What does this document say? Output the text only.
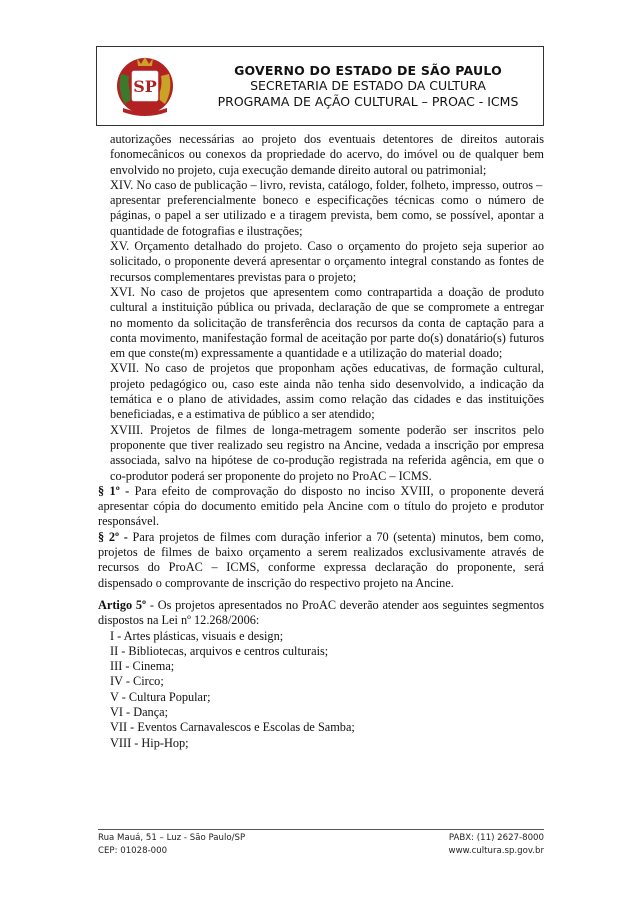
SP
GOVERNO DO ESTADO DE SÃO PAULO
SECRETARIA DE ESTADO DA CULTURA
PROGRAMA DE AÇÃO CULTURAL – PROAC - ICMS

autorizações necessárias ao projeto dos eventuais detentores de direitos autorais fonomecânicos ou conexos da propriedade do acervo, do imóvel ou de qualquer bem envolvido no projeto, cuja execução demande direito autoral ou patrimonial;

XIV. No caso de publicação – livro, revista, catálogo, folder, folheto, impresso, outros –

apresentar preferencialmente boneco e especificações técnicas como o número de páginas, o papel a ser utilizado e a tiragem prevista, bem como, se possível, apontar a quantidade de fotografias e ilustrações;

XV. Orçamento detalhado do projeto. Caso o orçamento do projeto seja superior ao solicitado, o proponente deverá apresentar o orçamento integral constando as fontes de recursos complementares previstas para o projeto;

XVI. No caso de projetos que apresentem como contrapartida a doação de produto cultural a instituição pública ou privada, declaração de que se compromete a entregar no momento da solicitação de transferência dos recursos da conta de captação para a conta movimento, manifestação formal de aceitação por parte do(s) donatário(s) futuros em que conste(m) expressamente a quantidade e a utilização do material doado;

XVII. No caso de projetos que proponham ações educativas, de formação cultural, projeto pedagógico ou, caso este ainda não tenha sido desenvolvido, a indicação da temática e o plano de atividades, assim como relação das cidades e das instituições beneficiadas, e a estimativa de público a ser atendido;

XVIII. Projetos de filmes de longa-metragem somente poderão ser inscritos pelo proponente que tiver realizado seu registro na Ancine, vedada a inscrição por empresa associada, salvo na hipótese de co-produção registrada na referida agência, em que o co-produtor poderá ser proponente do projeto no ProAC – ICMS.

§ 1º - Para efeito de comprovação do disposto no inciso XVIII, o proponente deverá apresentar cópia do documento emitido pela Ancine com o título do projeto e produtor responsável.

§ 2º - Para projetos de filmes com duração inferior a 70 (setenta) minutos, bem como, projetos de filmes de baixo orçamento a serem realizados exclusivamente através de recursos do ProAC – ICMS, conforme expressa declaração do proponente, será dispensado o comprovante de inscrição do respectivo projeto na Ancine.

Artigo 5º - Os projetos apresentados no ProAC deverão atender aos seguintes segmentos dispostos na Lei nº 12.268/2006:

I - Artes plásticas, visuais e design;
II - Bibliotecas, arquivos e centros culturais;
III - Cinema;
IV - Circo;
V - Cultura Popular;
VI - Dança;
VII - Eventos Carnavalescos e Escolas de Samba;
VIII - Hip-Hop;
Rua Mauá, 51 – Luz - São Paulo/SP
CEP: 01028-000
PABX: (11) 2627-8000
www.cultura.sp.gov.br
